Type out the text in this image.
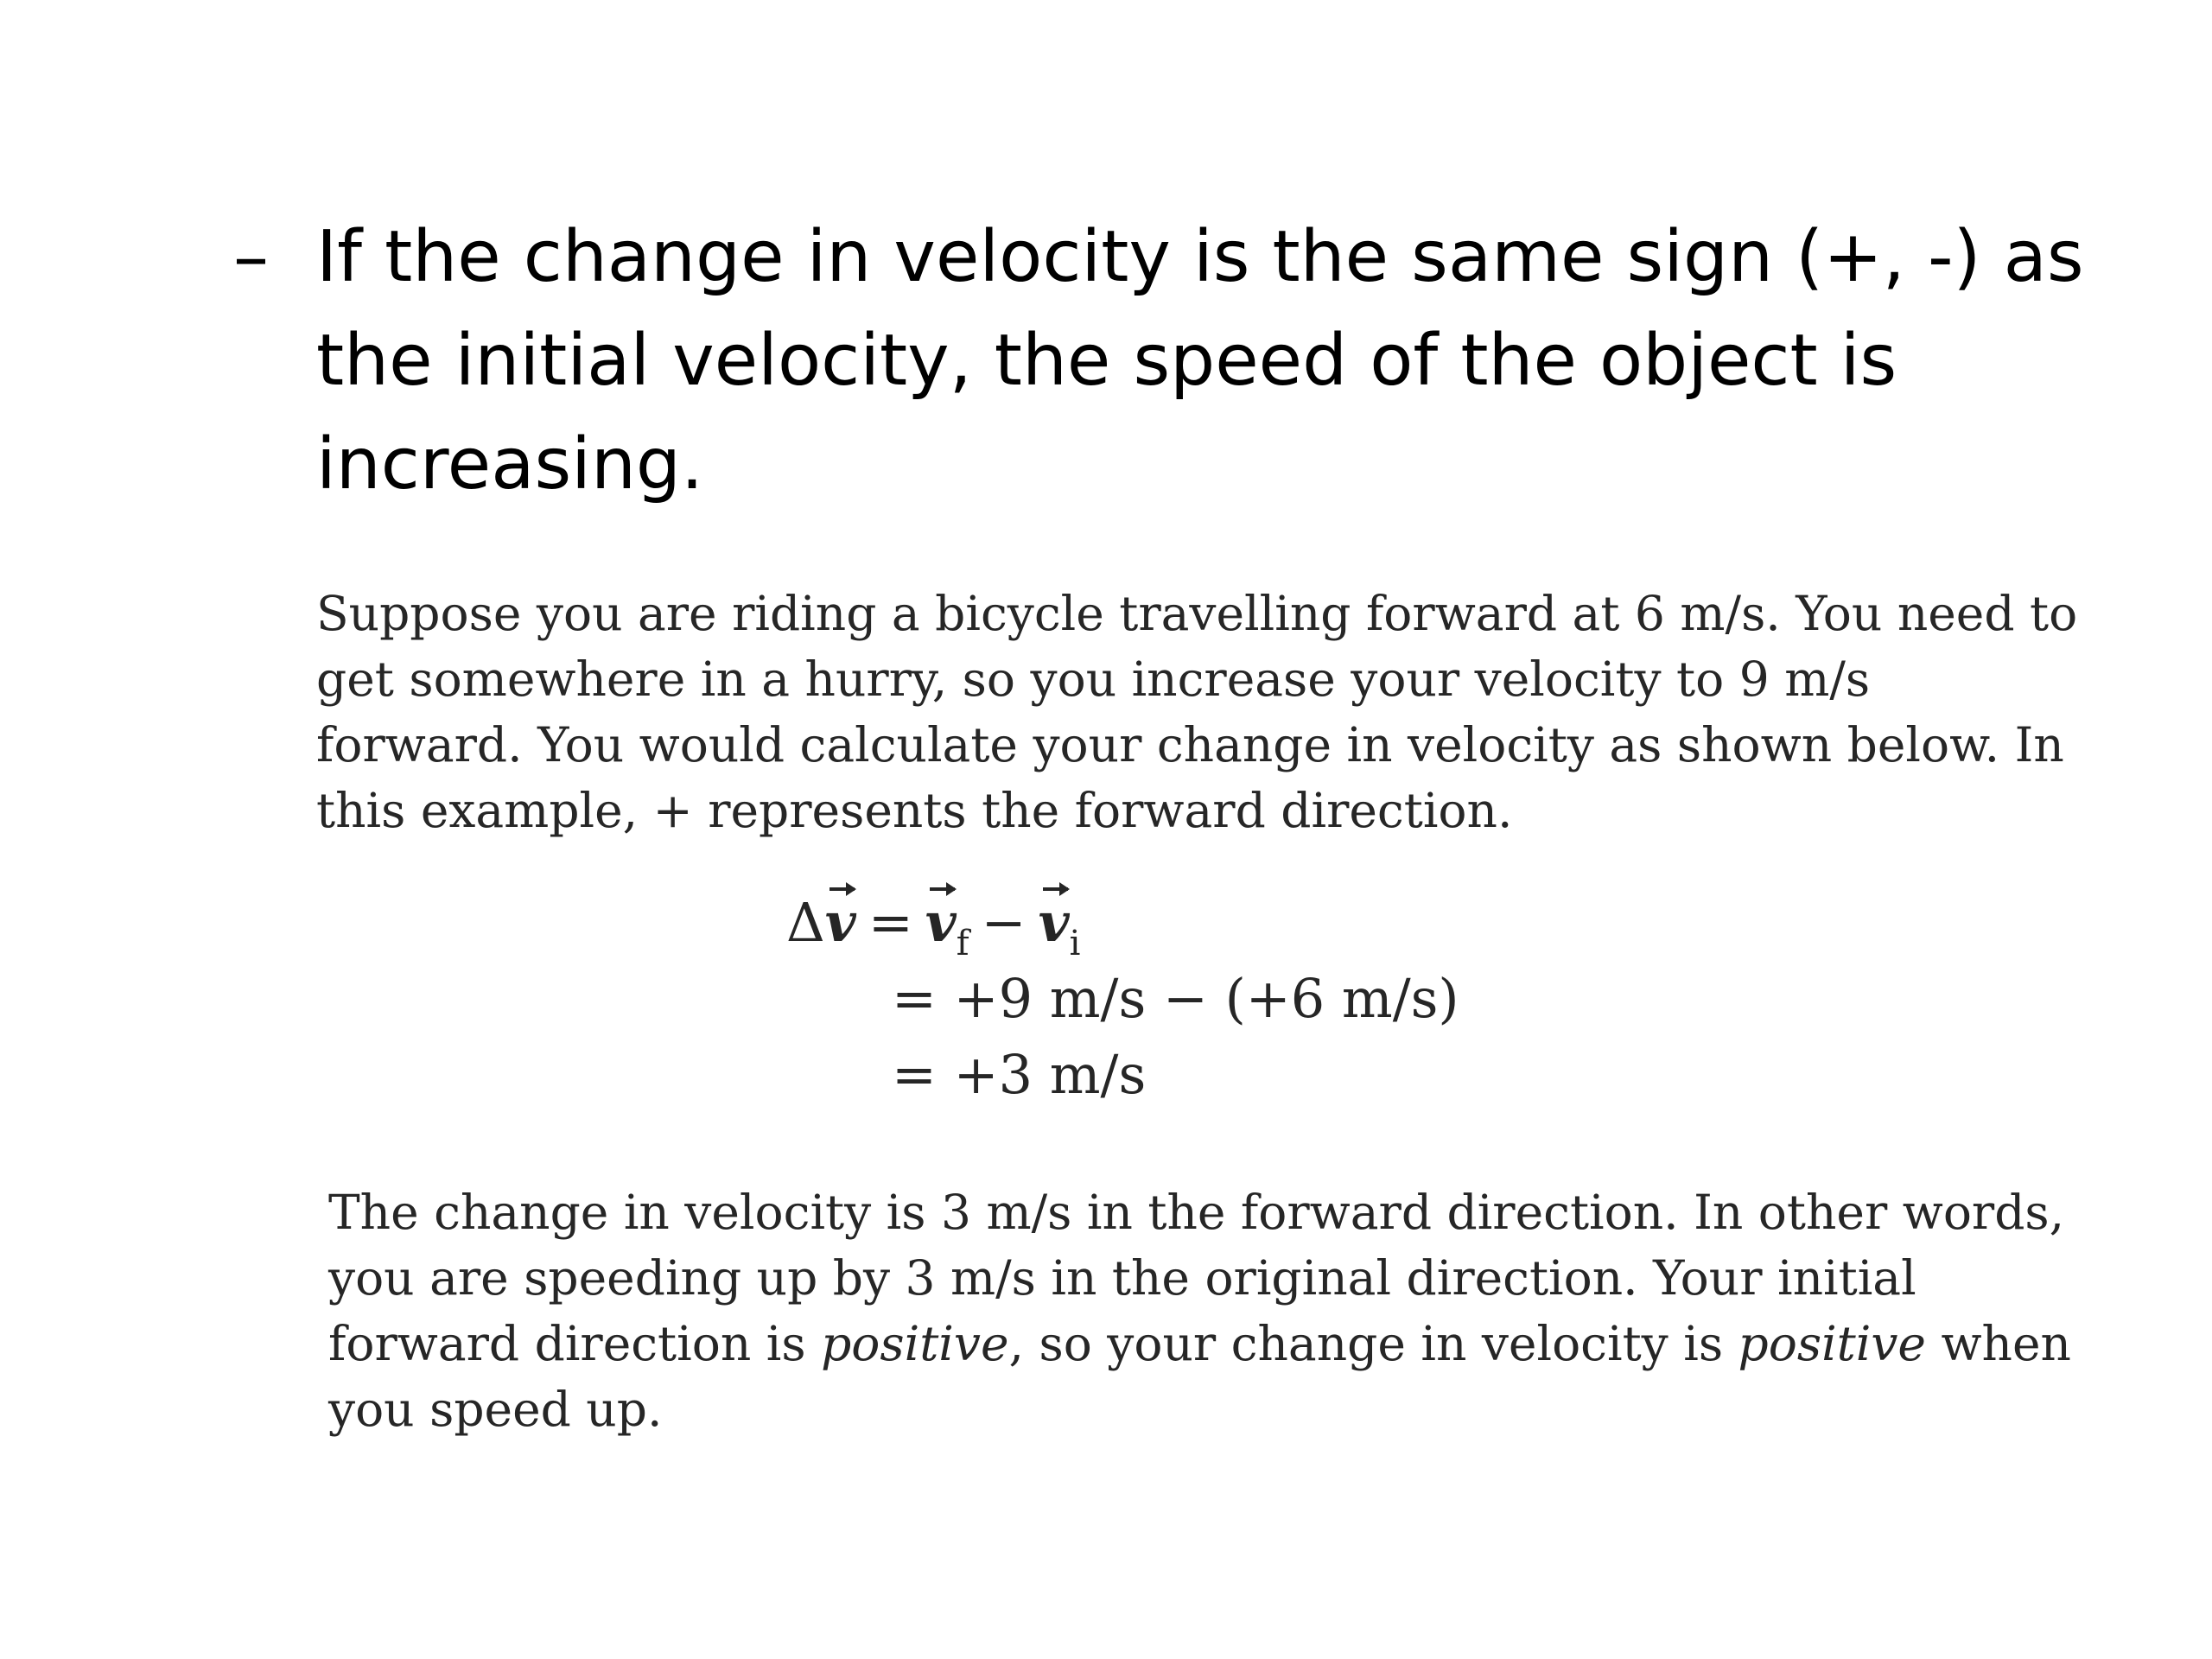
– If the change in velocity is the same sign (+, -) as
the initial velocity, the speed of the object is
increasing.
Suppose you are riding a bicycle travelling forward at 6 m/s. You need to
get somewhere in a hurry, so you increase your velocity to 9 m/s
forward. You would calculate your change in velocity as shown below. In
this example, + represents the forward direction.
$\Delta v = v_f - v_i$
= +9 m/s − (+6 m/s)
= +3 m/s
The change in velocity is 3 m/s in the forward direction. In other words,
you are speeding up by 3 m/s in the original direction. Your initial
forward direction is positive, so your change in velocity is positive when
you speed up.
